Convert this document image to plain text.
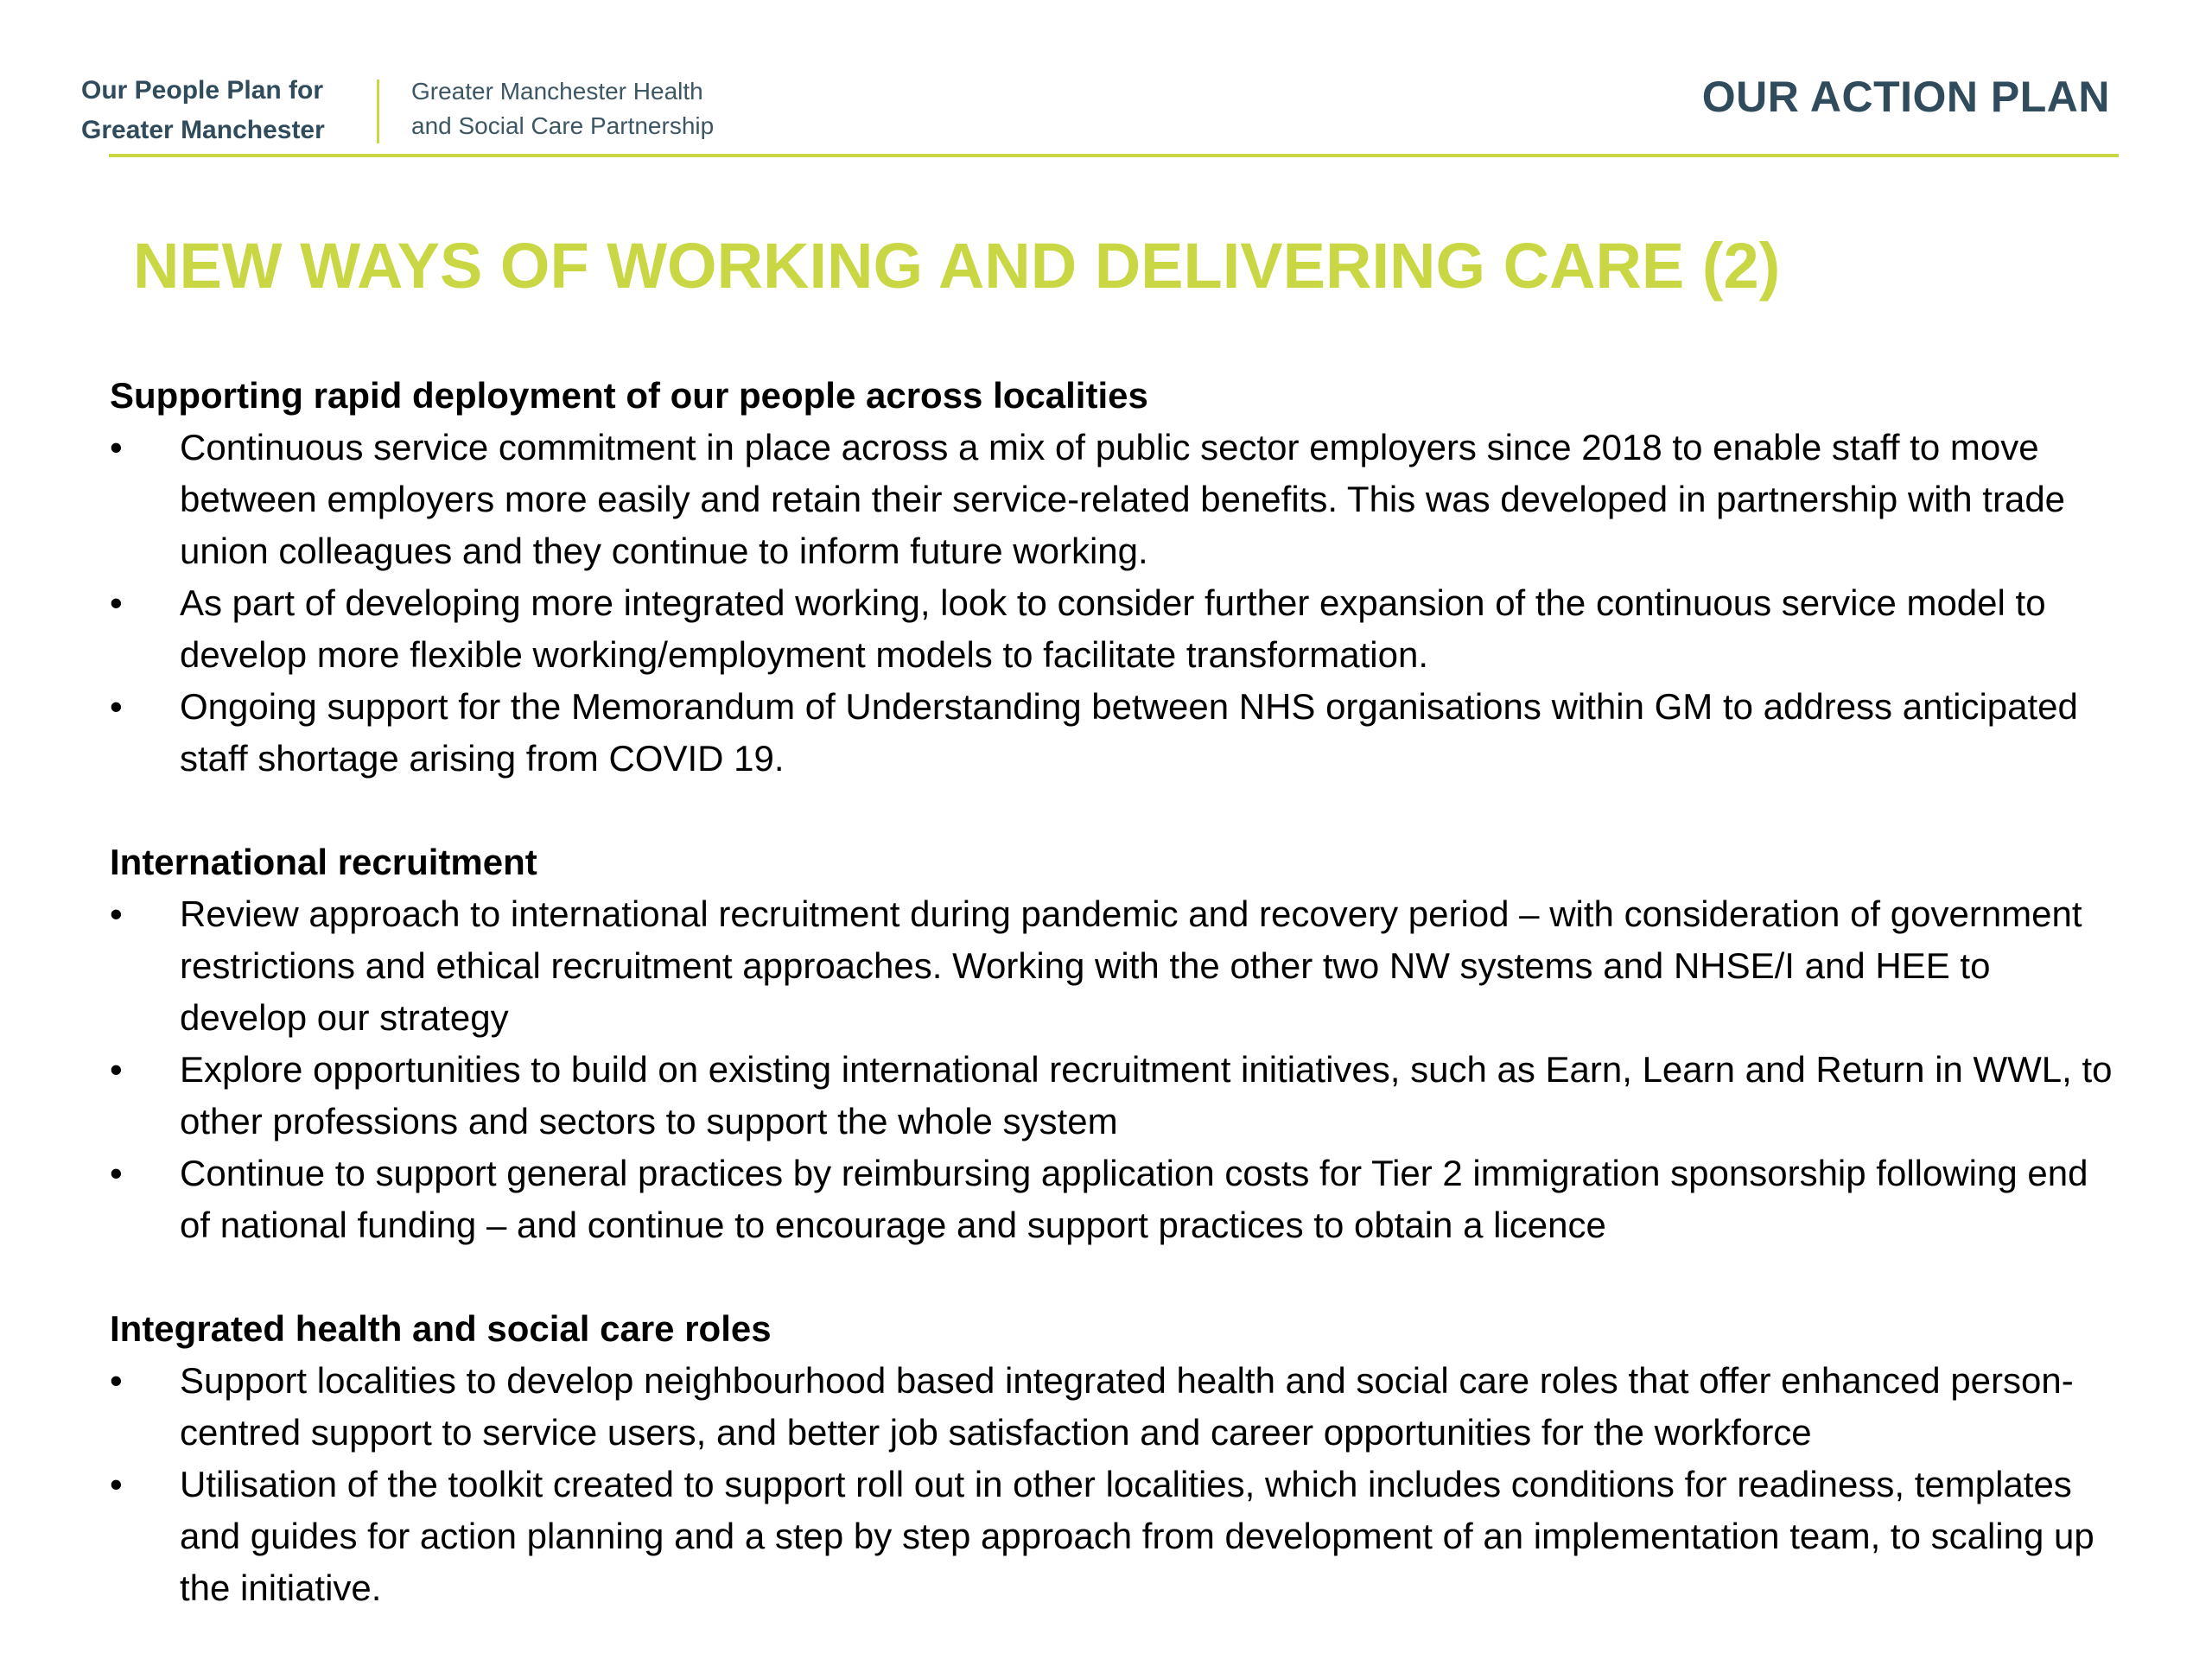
Our People Plan for
Greater Manchester
Greater Manchester Health
and Social Care Partnership
OUR ACTION PLAN
NEW WAYS OF WORKING AND DELIVERING CARE (2)
Supporting rapid deployment of our people across localities
•	Continuous service commitment in place across a mix of public sector employers since 2018 to enable staff to move between employers more easily and retain their service-related benefits. This was developed in partnership with trade union colleagues and they continue to inform future working.
•	As part of developing more integrated working, look to consider further expansion of the continuous service model to develop more flexible working/employment models to facilitate transformation.
•	Ongoing support for the Memorandum of Understanding between NHS organisations within GM to address anticipated staff shortage arising from COVID 19.
International recruitment
•	Review approach to international recruitment during pandemic and recovery period – with consideration of government restrictions and ethical recruitment approaches. Working with the other two NW systems and NHSE/I and HEE to develop our strategy
•	Explore opportunities to build on existing international recruitment initiatives, such as Earn, Learn and Return in WWL, to other professions and sectors to support the whole system
•	Continue to support general practices by reimbursing application costs for Tier 2 immigration sponsorship following end of national funding – and continue to encourage and support practices to obtain a licence
Integrated health and social care roles
•	Support localities to develop neighbourhood based integrated health and social care roles that offer enhanced person-centred support to service users, and better job satisfaction and career opportunities for the workforce
•	Utilisation of the toolkit created to support roll out in other localities, which includes conditions for readiness, templates and guides for action planning and a step by step approach from development of an implementation team, to scaling up the initiative.
